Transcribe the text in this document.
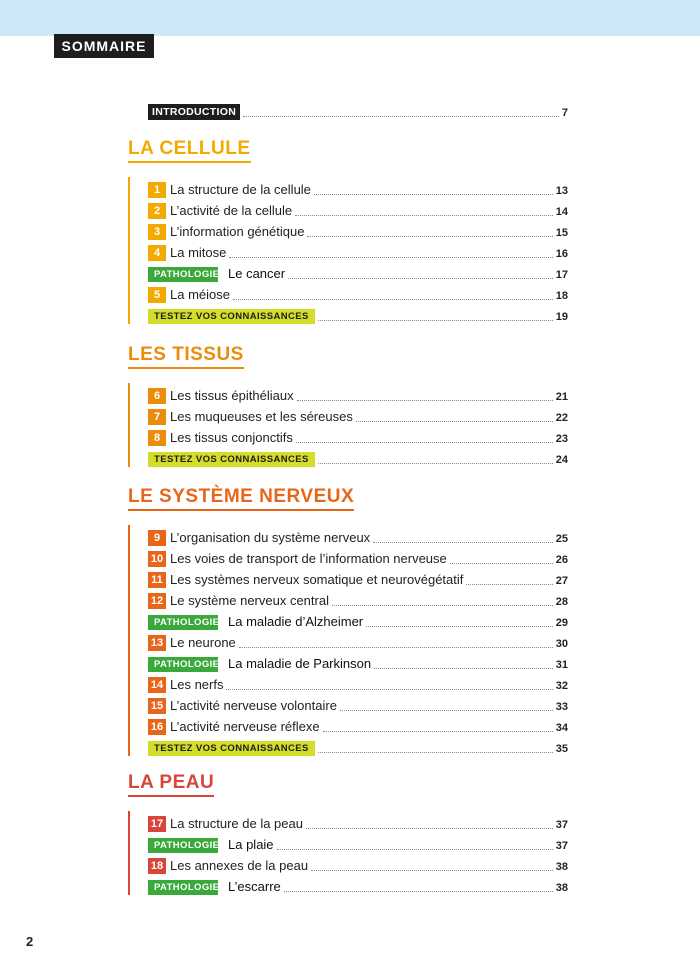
SOMMAIRE
INTRODUCTION	7
LA CELLULE
1 La structure de la cellule	13
2 L’activité de la cellule	14
3 L’information génétique	15
4 La mitose	16
PATHOLOGIE Le cancer	17
5 La méiose	18
TESTEZ VOS CONNAISSANCES	19
LES TISSUS
6 Les tissus épithéliaux	21
7 Les muqueuses et les séreuses	22
8 Les tissus conjonctifs	23
TESTEZ VOS CONNAISSANCES	24
LE SYSTÈME NERVEUX
9 L’organisation du système nerveux	25
10 Les voies de transport de l’information nerveuse	26
11 Les systèmes nerveux somatique et neurovégétatif	27
12 Le système nerveux central	28
PATHOLOGIE La maladie d’Alzheimer	29
13 Le neurone	30
PATHOLOGIE La maladie de Parkinson	31
14 Les nerfs	32
15 L’activité nerveuse volontaire	33
16 L’activité nerveuse réflexe	34
TESTEZ VOS CONNAISSANCES	35
LA PEAU
17 La structure de la peau	37
PATHOLOGIE La plaie	37
18 Les annexes de la peau	38
PATHOLOGIE L’escarre	38
2
